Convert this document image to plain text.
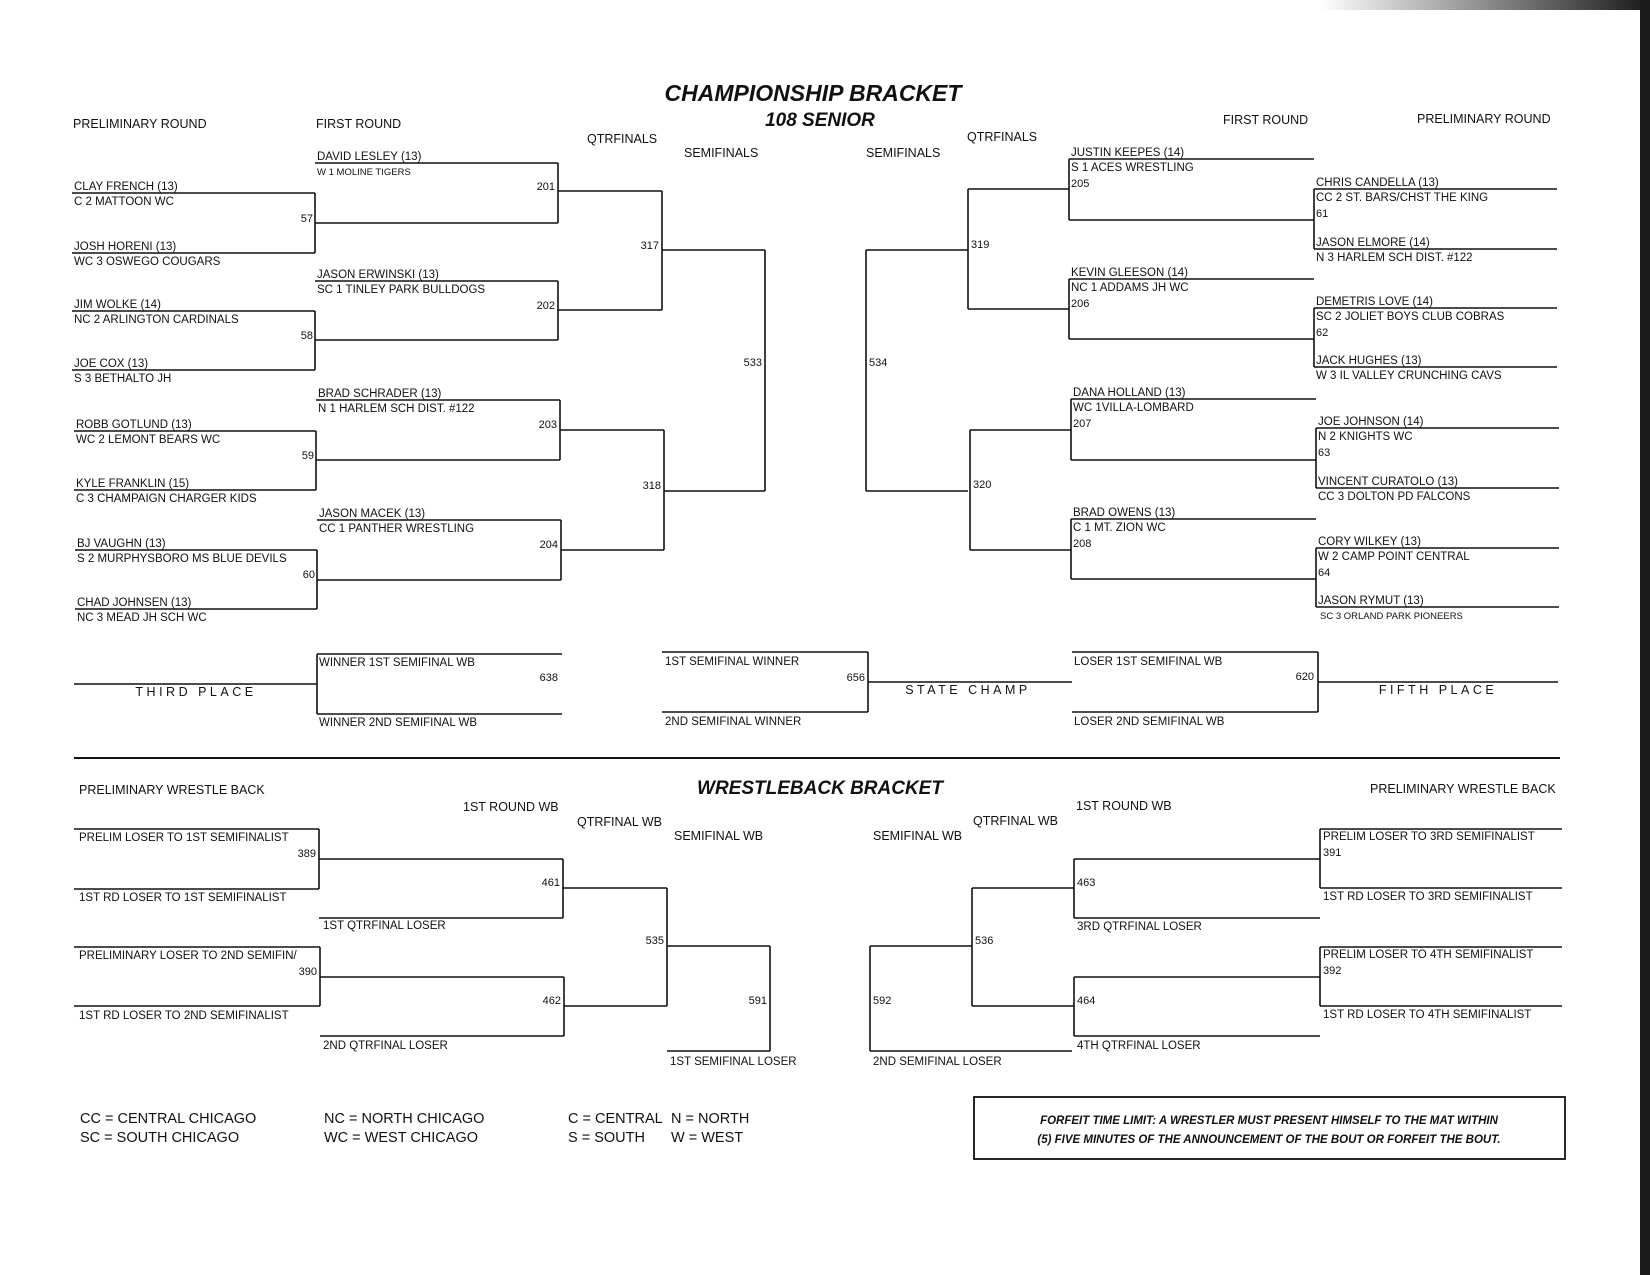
CHAMPIONSHIP BRACKET
108 SENIOR
PRELIMINARY ROUND	FIRST ROUND
QTRFINALS
SEMIFINALS	SEMIFINALS
QTRFINALS
FIRST ROUND	PRELIMINARY ROUND
CLAY FRENCH (13)
C 2 MATTOON WC
JOSH HORENI (13)
WC 3 OSWEGO COUGARS
JIM WOLKE (14)
NC 2 ARLINGTON CARDINALS
JOE COX (13)
S 3 BETHALTO JH
ROBB GOTLUND (13)
WC 2 LEMONT BEARS WC
KYLE FRANKLIN (15)
C 3 CHAMPAIGN CHARGER KIDS
BJ VAUGHN (13)
S 2 MURPHYSBORO MS BLUE DEVILS
CHAD JOHNSEN (13)
NC 3 MEAD JH SCH WC
57
58
59
60
DAVID LESLEY (13)
W 1 MOLINE TIGERS
JASON ERWINSKI (13)
SC 1 TINLEY PARK BULLDOGS
BRAD SCHRADER (13)
N 1 HARLEM SCH DIST. #122
JASON MACEK (13)
CC 1 PANTHER WRESTLING
201
202
203
204
317
318
533	534
319
320
JUSTIN KEEPES (14)
S 1 ACES WRESTLING
205
KEVIN GLEESON (14)
NC 1 ADDAMS JH WC
206
DANA HOLLAND (13)
WC 1VILLA-LOMBARD
207
BRAD OWENS (13)
C 1 MT. ZION WC
208
CHRIS CANDELLA (13)
CC 2 ST. BARS/CHST THE KING
61
JASON ELMORE (14)
N 3 HARLEM SCH DIST. #122
DEMETRIS LOVE (14)
SC 2 JOLIET BOYS CLUB COBRAS
62
JACK HUGHES (13)
W 3 IL VALLEY CRUNCHING CAVS
JOE JOHNSON (14)
N 2 KNIGHTS WC
63
VINCENT CURATOLO (13)
CC 3 DOLTON PD FALCONS
CORY WILKEY (13)
W 2 CAMP POINT CENTRAL
64
JASON RYMUT (13)
SC 3 ORLAND PARK PIONEERS
WINNER 1ST SEMIFINAL WB
WINNER 2ND SEMIFINAL WB
638
THIRD PLACE
1ST SEMIFINAL WINNER
2ND SEMIFINAL WINNER
656
STATE CHAMP
LOSER 1ST SEMIFINAL WB
LOSER 2ND SEMIFINAL WB
620
FIFTH PLACE
WRESTLEBACK BRACKET
PRELIMINARY WRESTLE BACK	PRELIMINARY WRESTLE BACK
1ST ROUND WB	1ST ROUND WB
QTRFINAL WB	QTRFINAL WB
SEMIFINAL WB	SEMIFINAL WB
PRELIM LOSER TO 1ST SEMIFINALIST
389
1ST RD LOSER TO 1ST SEMIFINALIST
PRELIMINARY LOSER TO 2ND SEMIFIN/
390
1ST RD LOSER TO 2ND SEMIFINALIST
1ST QTRFINAL LOSER
2ND QTRFINAL LOSER
461
462
535
591
1ST SEMIFINAL LOSER
592
2ND SEMIFINAL LOSER
536
463
3RD QTRFINAL LOSER
464
4TH QTRFINAL LOSER
PRELIM LOSER TO 3RD SEMIFINALIST
391
1ST RD LOSER TO 3RD SEMIFINALIST
PRELIM LOSER TO 4TH SEMIFINALIST
392
1ST RD LOSER TO 4TH SEMIFINALIST
CC = CENTRAL CHICAGO
SC = SOUTH CHICAGO
NC = NORTH CHICAGO
WC = WEST CHICAGO
C = CENTRAL N = NORTH
S = SOUTH W = WEST
FORFEIT TIME LIMIT: A WRESTLER MUST PRESENT HIMSELF TO THE MAT WITHIN
(5) FIVE MINUTES OF THE ANNOUNCEMENT OF THE BOUT OR FORFEIT THE BOUT.
